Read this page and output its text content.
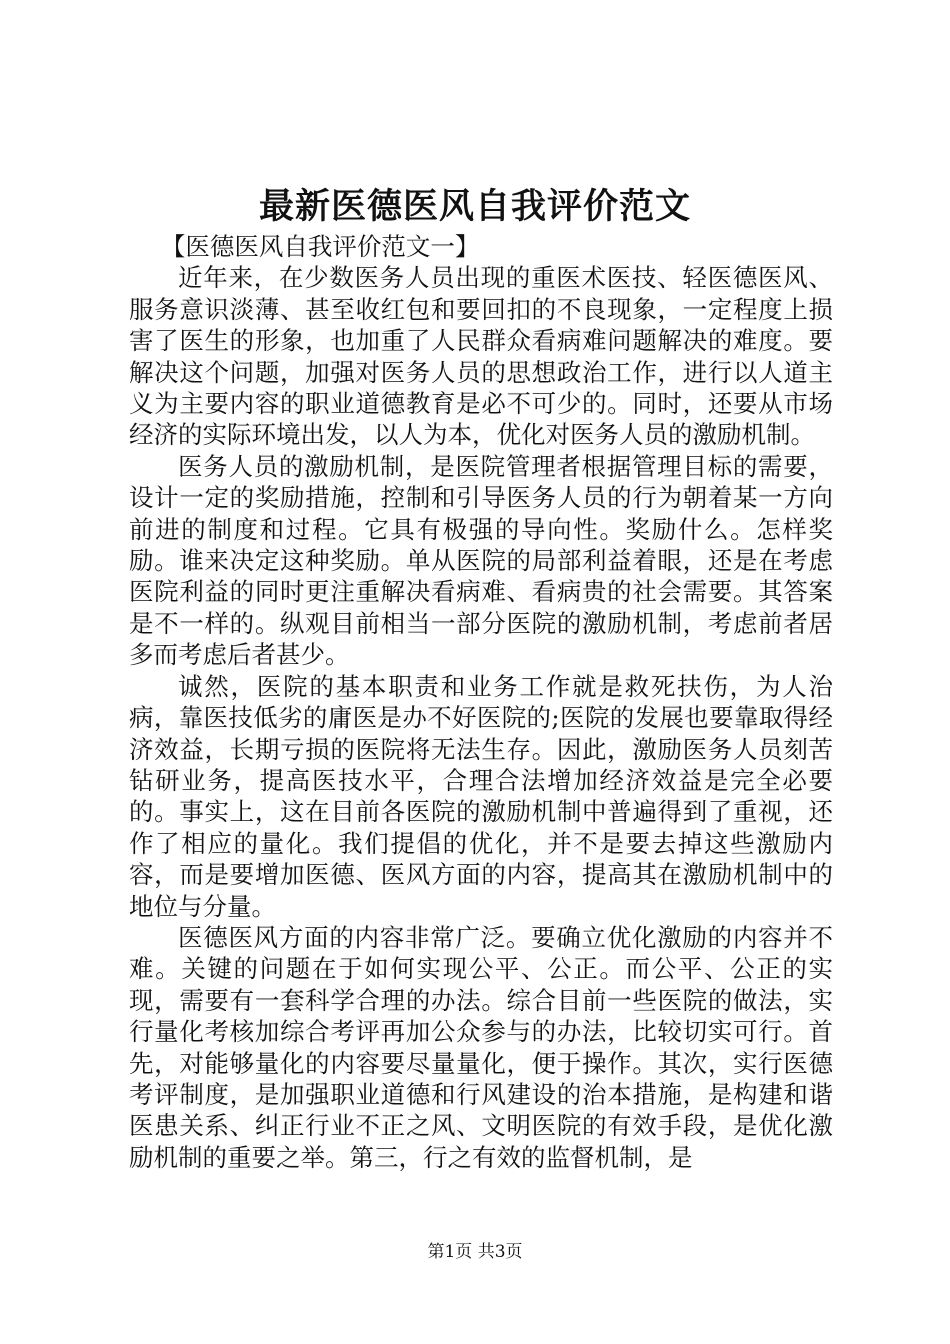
最新医德医风自我评价范文

【医德医风自我评价范文一】

近年来，在少数医务人员出现的重医术医技、轻医德医风、服务意识淡薄、甚至收红包和要回扣的不良现象，一定程度上损害了医生的形象，也加重了人民群众看病难问题解决的难度。要解决这个问题，加强对医务人员的思想政治工作，进行以人道主义为主要内容的职业道德教育是必不可少的。同时，还要从市场经济的实际环境出发，以人为本，优化对医务人员的激励机制。

医务人员的激励机制，是医院管理者根据管理目标的需要，设计一定的奖励措施，控制和引导医务人员的行为朝着某一方向前进的制度和过程。它具有极强的导向性。奖励什么。怎样奖励。谁来决定这种奖励。单从医院的局部利益着眼，还是在考虑医院利益的同时更注重解决看病难、看病贵的社会需要。其答案是不一样的。纵观目前相当一部分医院的激励机制，考虑前者居多而考虑后者甚少。

诚然，医院的基本职责和业务工作就是救死扶伤，为人治病，靠医技低劣的庸医是办不好医院的;医院的发展也要靠取得经济效益，长期亏损的医院将无法生存。因此，激励医务人员刻苦钻研业务，提高医技水平，合理合法增加经济效益是完全必要的。事实上，这在目前各医院的激励机制中普遍得到了重视，还作了相应的量化。我们提倡的优化，并不是要去掉这些激励内容，而是要增加医德、医风方面的内容，提高其在激励机制中的地位与分量。

医德医风方面的内容非常广泛。要确立优化激励的内容并不难。关键的问题在于如何实现公平、公正。而公平、公正的实现，需要有一套科学合理的办法。综合目前一些医院的做法，实行量化考核加综合考评再加公众参与的办法，比较切实可行。首先，对能够量化的内容要尽量量化，便于操作。其次，实行医德考评制度，是加强职业道德和行风建设的治本措施，是构建和谐医患关系、纠正行业不正之风、文明医院的有效手段，是优化激励机制的重要之举。第三，行之有效的监督机制，是

第1页 共3页
